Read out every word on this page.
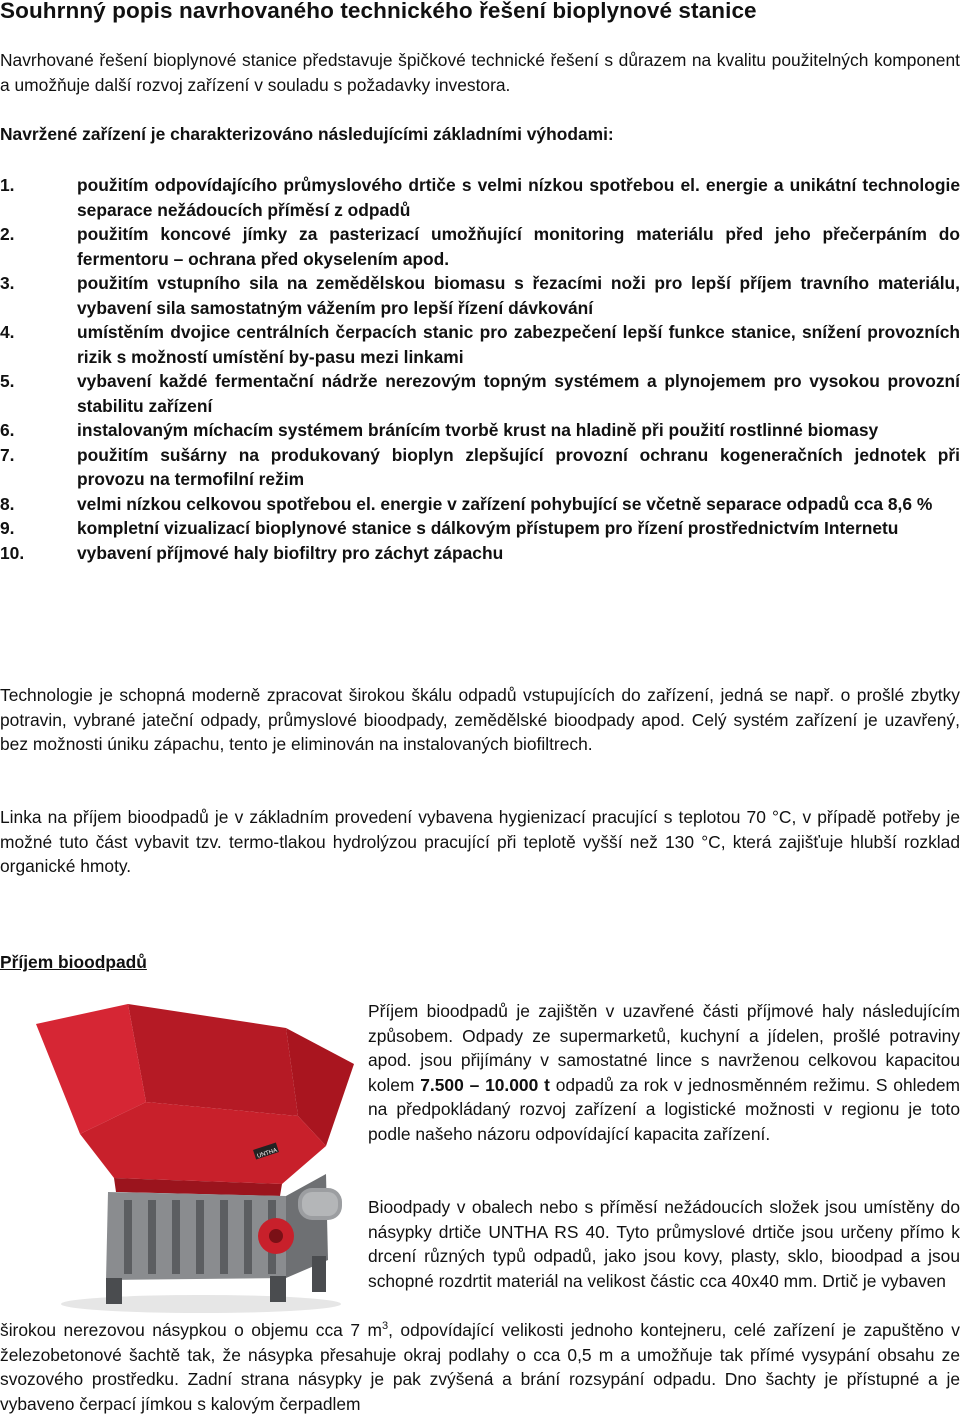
Souhrnný popis navrhovaného technického řešení bioplynové stanice

Navrhované řešení bioplynové stanice představuje špičkové technické řešení s důrazem na kvalitu použitelných komponent a umožňuje další rozvoj zařízení v souladu s požadavky investora.

Navržené zařízení je charakterizováno následujícími základními výhodami:

1.	použitím odpovídajícího průmyslového drtiče s velmi nízkou spotřebou el. energie a unikátní technologie separace nežádoucích příměsí z odpadů
2.	použitím koncové jímky za pasterizací umožňující monitoring materiálu před jeho přečerpáním do fermentoru – ochrana před okyselením apod.
3.	použitím vstupního sila na zemědělskou biomasu s řezacími noži pro lepší příjem travního materiálu, vybavení sila samostatným vážením pro lepší řízení dávkování
4.	umístěním dvojice centrálních čerpacích stanic pro zabezpečení lepší funkce stanice, snížení provozních rizik s možností umístění by-pasu mezi linkami
5.	vybavení každé fermentační nádrže nerezovým topným systémem a plynojemem pro vysokou provozní stabilitu zařízení
6.	instalovaným míchacím systémem bránícím tvorbě krust na hladině při použití rostlinné biomasy
7.	použitím sušárny na produkovaný bioplyn zlepšující provozní ochranu kogeneračních jednotek při provozu na termofilní režim
8.	velmi nízkou celkovou spotřebou el. energie v zařízení pohybující se včetně separace odpadů cca 8,6 %
9.	kompletní vizualizací bioplynové stanice s dálkovým přístupem pro řízení prostřednictvím Internetu
10.	vybavení příjmové haly biofiltry pro záchyt zápachu

Technologie je schopná moderně zpracovat širokou škálu odpadů vstupujících do zařízení, jedná se např. o prošlé zbytky potravin, vybrané jateční odpady, průmyslové bioodpady, zemědělské bioodpady apod. Celý systém zařízení je uzavřený, bez možnosti úniku zápachu, tento je eliminován na instalovaných biofiltrech.

Linka na příjem bioodpadů je v základním provedení vybavena hygienizací pracující s teplotou 70 °C, v případě potřeby je možné tuto část vybavit tzv. termo-tlakou hydrolýzou pracující při teplotě vyšší než 130 °C, která zajišťuje hlubší rozklad organické hmoty.

Příjem bioodpadů

UNTHA

Příjem bioodpadů je zajištěn v uzavřené části příjmové haly následujícím způsobem. Odpady ze supermarketů, kuchyní a jídelen, prošlé potraviny apod. jsou přijímány v samostatné lince s navrženou celkovou kapacitou kolem 7.500 – 10.000 t odpadů za rok v jednosměnném režimu. S ohledem na předpokládaný rozvoj zařízení a logistické možnosti v regionu je toto podle našeho názoru odpovídající kapacita zařízení.

Bioodpady v obalech nebo s příměsí nežádoucích složek jsou umístěny do násypky drtiče UNTHA RS 40. Tyto průmyslové drtiče jsou určeny přímo k drcení různých typů odpadů, jako jsou kovy, plasty, sklo, bioodpad a jsou schopné rozdrtit materiál na velikost částic cca 40x40 mm. Drtič je vybaven

širokou nerezovou násypkou o objemu cca 7 $m^3$, odpovídající velikosti jednoho kontejneru, celé zařízení je zapuštěno v železobetonové šachtě tak, že násypka přesahuje okraj podlahy o cca 0,5 m a umožňuje tak přímé vysypání obsahu ze svozového prostředku. Zadní strana násypky je pak zvýšená a brání rozsypání odpadu. Dno šachty je přístupné a je vybaveno čerpací jímkou s kalovým čerpadlem
